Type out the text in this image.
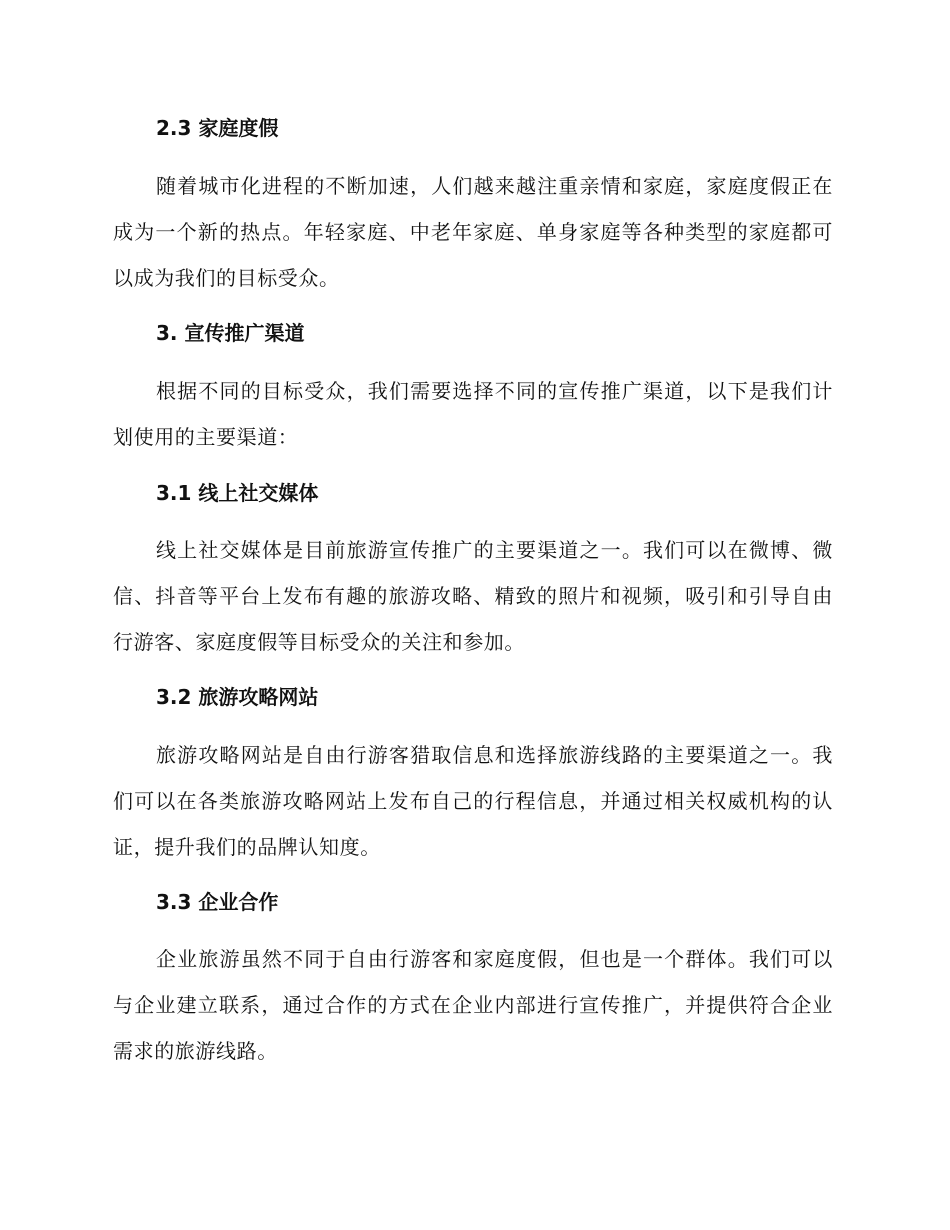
2.3 家庭度假
随着城市化进程的不断加速，人们越来越注重亲情和家庭，家庭度假正在成为一个新的热点。年轻家庭、中老年家庭、单身家庭等各种类型的家庭都可以成为我们的目标受众。
3. 宣传推广渠道
根据不同的目标受众，我们需要选择不同的宣传推广渠道，以下是我们计划使用的主要渠道：
3.1 线上社交媒体
线上社交媒体是目前旅游宣传推广的主要渠道之一。我们可以在微博、微信、抖音等平台上发布有趣的旅游攻略、精致的照片和视频，吸引和引导自由行游客、家庭度假等目标受众的关注和参加。
3.2 旅游攻略网站
旅游攻略网站是自由行游客猎取信息和选择旅游线路的主要渠道之一。我们可以在各类旅游攻略网站上发布自己的行程信息，并通过相关权威机构的认证，提升我们的品牌认知度。
3.3 企业合作
企业旅游虽然不同于自由行游客和家庭度假，但也是一个群体。我们可以与企业建立联系，通过合作的方式在企业内部进行宣传推广，并提供符合企业需求的旅游线路。
